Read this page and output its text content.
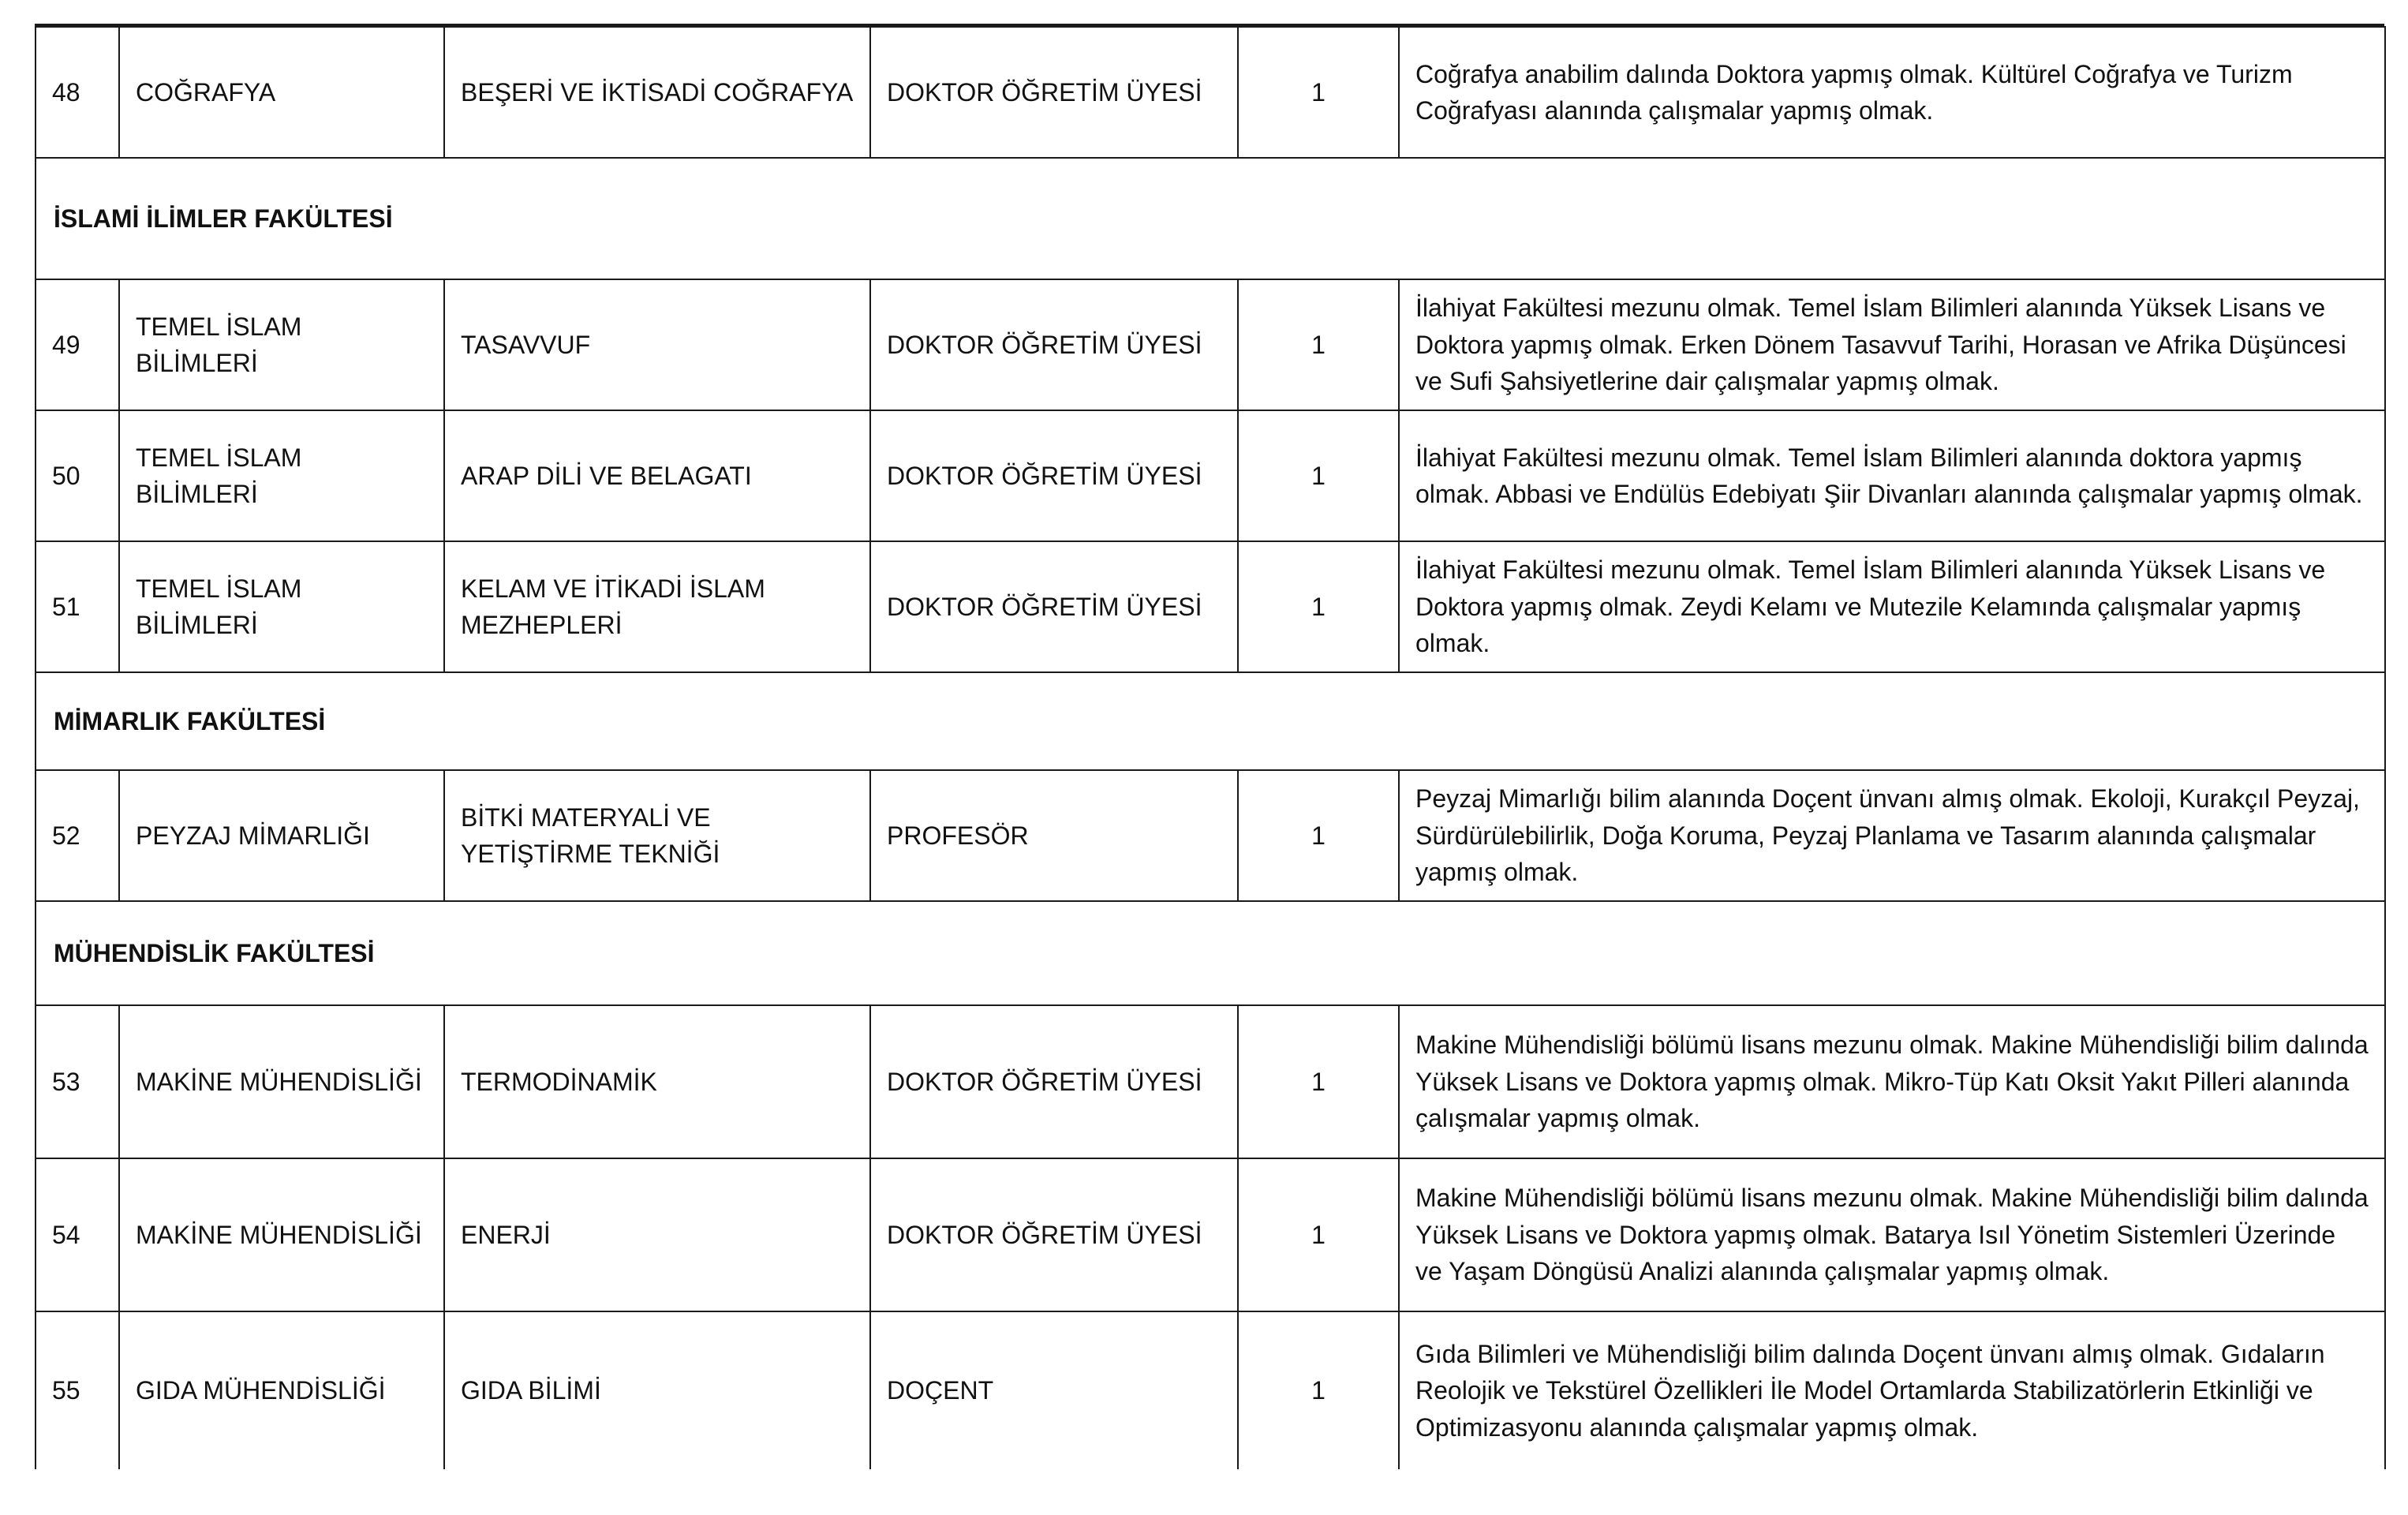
48	COĞRAFYA	BEŞERİ VE İKTİSADİ COĞRAFYA	DOKTOR ÖĞRETİM ÜYESİ	1	Coğrafya anabilim dalında Doktora yapmış olmak. Kültürel Coğrafya ve Turizm Coğrafyası alanında çalışmalar yapmış olmak.
İSLAMİ İLİMLER FAKÜLTESİ					
49	TEMEL İSLAM BİLİMLERİ	TASAVVUF	DOKTOR ÖĞRETİM ÜYESİ	1	İlahiyat Fakültesi mezunu olmak. Temel İslam Bilimleri alanında Yüksek Lisans ve Doktora yapmış olmak. Erken Dönem Tasavvuf Tarihi, Horasan ve Afrika Düşüncesi ve Sufi Şahsiyetlerine dair çalışmalar yapmış olmak.
50	TEMEL İSLAM BİLİMLERİ	ARAP DİLİ VE BELAGATI	DOKTOR ÖĞRETİM ÜYESİ	1	İlahiyat Fakültesi mezunu olmak. Temel İslam Bilimleri alanında doktora yapmış olmak. Abbasi ve Endülüs Edebiyatı Şiir Divanları alanında çalışmalar yapmış olmak.
51	TEMEL İSLAM BİLİMLERİ	KELAM VE İTİKADİ İSLAM MEZHEPLERİ	DOKTOR ÖĞRETİM ÜYESİ	1	İlahiyat Fakültesi mezunu olmak. Temel İslam Bilimleri alanında Yüksek Lisans ve Doktora yapmış olmak. Zeydi Kelamı ve Mutezile Kelamında çalışmalar yapmış olmak.
MİMARLIK FAKÜLTESİ					
52	PEYZAJ MİMARLIĞI	BİTKİ MATERYALİ VE YETİŞTİRME TEKNİĞİ	PROFESÖR	1	Peyzaj Mimarlığı bilim alanında Doçent ünvanı almış olmak. Ekoloji, Kurakçıl Peyzaj, Sürdürülebilirlik, Doğa Koruma, Peyzaj Planlama ve Tasarım alanında çalışmalar yapmış olmak.
MÜHENDİSLİK FAKÜLTESİ					
53	MAKİNE MÜHENDİSLİĞİ	TERMODİNAMİK	DOKTOR ÖĞRETİM ÜYESİ	1	Makine Mühendisliği bölümü lisans mezunu olmak. Makine Mühendisliği bilim dalında Yüksek Lisans ve Doktora yapmış olmak. Mikro-Tüp Katı Oksit Yakıt Pilleri alanında çalışmalar yapmış olmak.
54	MAKİNE MÜHENDİSLİĞİ	ENERJİ	DOKTOR ÖĞRETİM ÜYESİ	1	Makine Mühendisliği bölümü lisans mezunu olmak. Makine Mühendisliği bilim dalında Yüksek Lisans ve Doktora yapmış olmak. Batarya Isıl Yönetim Sistemleri Üzerinde ve Yaşam Döngüsü Analizi alanında çalışmalar yapmış olmak.
55	GIDA MÜHENDİSLİĞİ	GIDA BİLİMİ	DOÇENT	1	Gıda Bilimleri ve Mühendisliği bilim dalında Doçent ünvanı almış olmak. Gıdaların Reolojik ve Tekstürel Özellikleri İle Model Ortamlarda Stabilizatörlerin Etkinliği ve Optimizasyonu alanında çalışmalar yapmış olmak.
